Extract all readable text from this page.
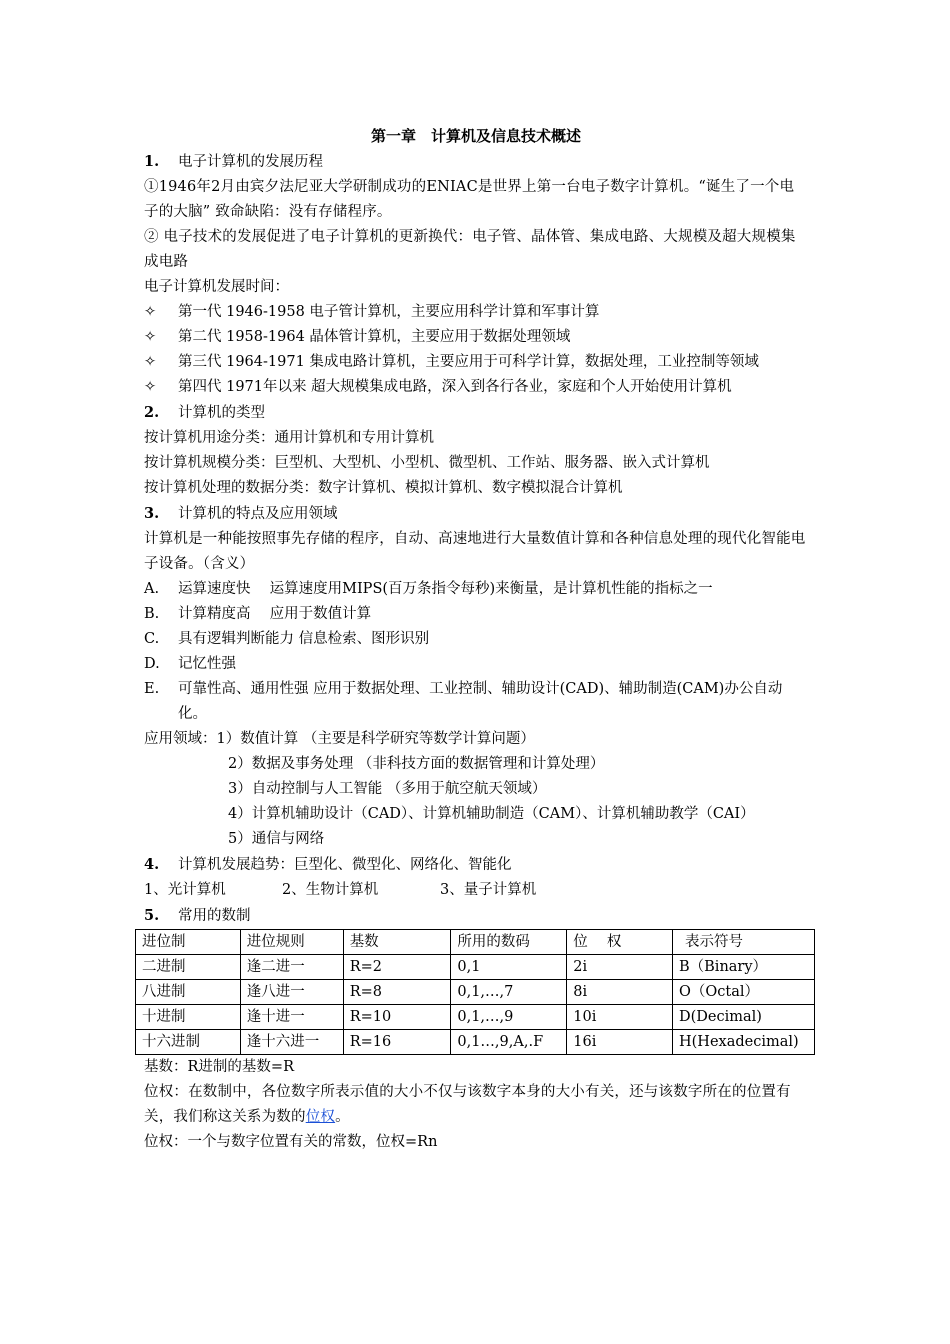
第一章　计算机及信息技术概述
1. 电子计算机的发展历程
①1946年2月由宾夕法尼亚大学研制成功的ENIAC是世界上第一台电子数字计算机。“诞生了一个电子的大脑” 致命缺陷：没有存储程序。
② 电子技术的发展促进了电子计算机的更新换代：电子管、晶体管、集成电路、大规模及超大规模集成电路
电子计算机发展时间：
✧	第一代 1946-1958 电子管计算机，主要应用科学计算和军事计算
✧	第二代 1958-1964 晶体管计算机，主要应用于数据处理领域
✧	第三代 1964-1971 集成电路计算机，主要应用于可科学计算，数据处理，工业控制等领域
✧	第四代 1971年以来 超大规模集成电路，深入到各行各业，家庭和个人开始使用计算机
2. 计算机的类型
按计算机用途分类：通用计算机和专用计算机
按计算机规模分类：巨型机、大型机、小型机、微型机、工作站、服务器、嵌入式计算机
按计算机处理的数据分类：数字计算机、模拟计算机、数字模拟混合计算机
3. 计算机的特点及应用领域
计算机是一种能按照事先存储的程序，自动、高速地进行大量数值计算和各种信息处理的现代化智能电子设备。（含义）
A.	运算速度快　 运算速度用MIPS(百万条指令每秒)来衡量，是计算机性能的指标之一
B.	计算精度高　 应用于数值计算
C.	具有逻辑判断能力 信息检索、图形识别
D.	记忆性强
E.	可靠性高、通用性强 应用于数据处理、工业控制、辅助设计(CAD)、辅助制造(CAM)办公自动化。
应用领域：1）数值计算 （主要是科学研究等数学计算问题）
2）数据及事务处理 （非科技方面的数据管理和计算处理）
3）自动控制与人工智能 （多用于航空航天领域）
4）计算机辅助设计（CAD）、计算机辅助制造（CAM）、计算机辅助教学（CAI）
5）通信与网络
4. 计算机发展趋势：巨型化、微型化、网络化、智能化
1、光计算机	2、生物计算机	3、量子计算机
5. 常用的数制
进位制	进位规则	基数	所用的数码	位　 权	表示符号
二进制	逢二进一	R=2	0,1	2i	B（Binary）
八进制	逢八进一	R=8	0,1,…,7	8i	O（Octal）
十进制	逢十进一	R=10	0,1,…,9	10i	D(Decimal)
十六进制	逢十六进一	R=16	0,1…,9,A,.F	16i	H(Hexadecimal)
基数：R进制的基数=R
位权：在数制中，各位数字所表示值的大小不仅与该数字本身的大小有关，还与该数字所在的位置有关，我们称这关系为数的位权。
位权：一个与数字位置有关的常数，位权=Rn
